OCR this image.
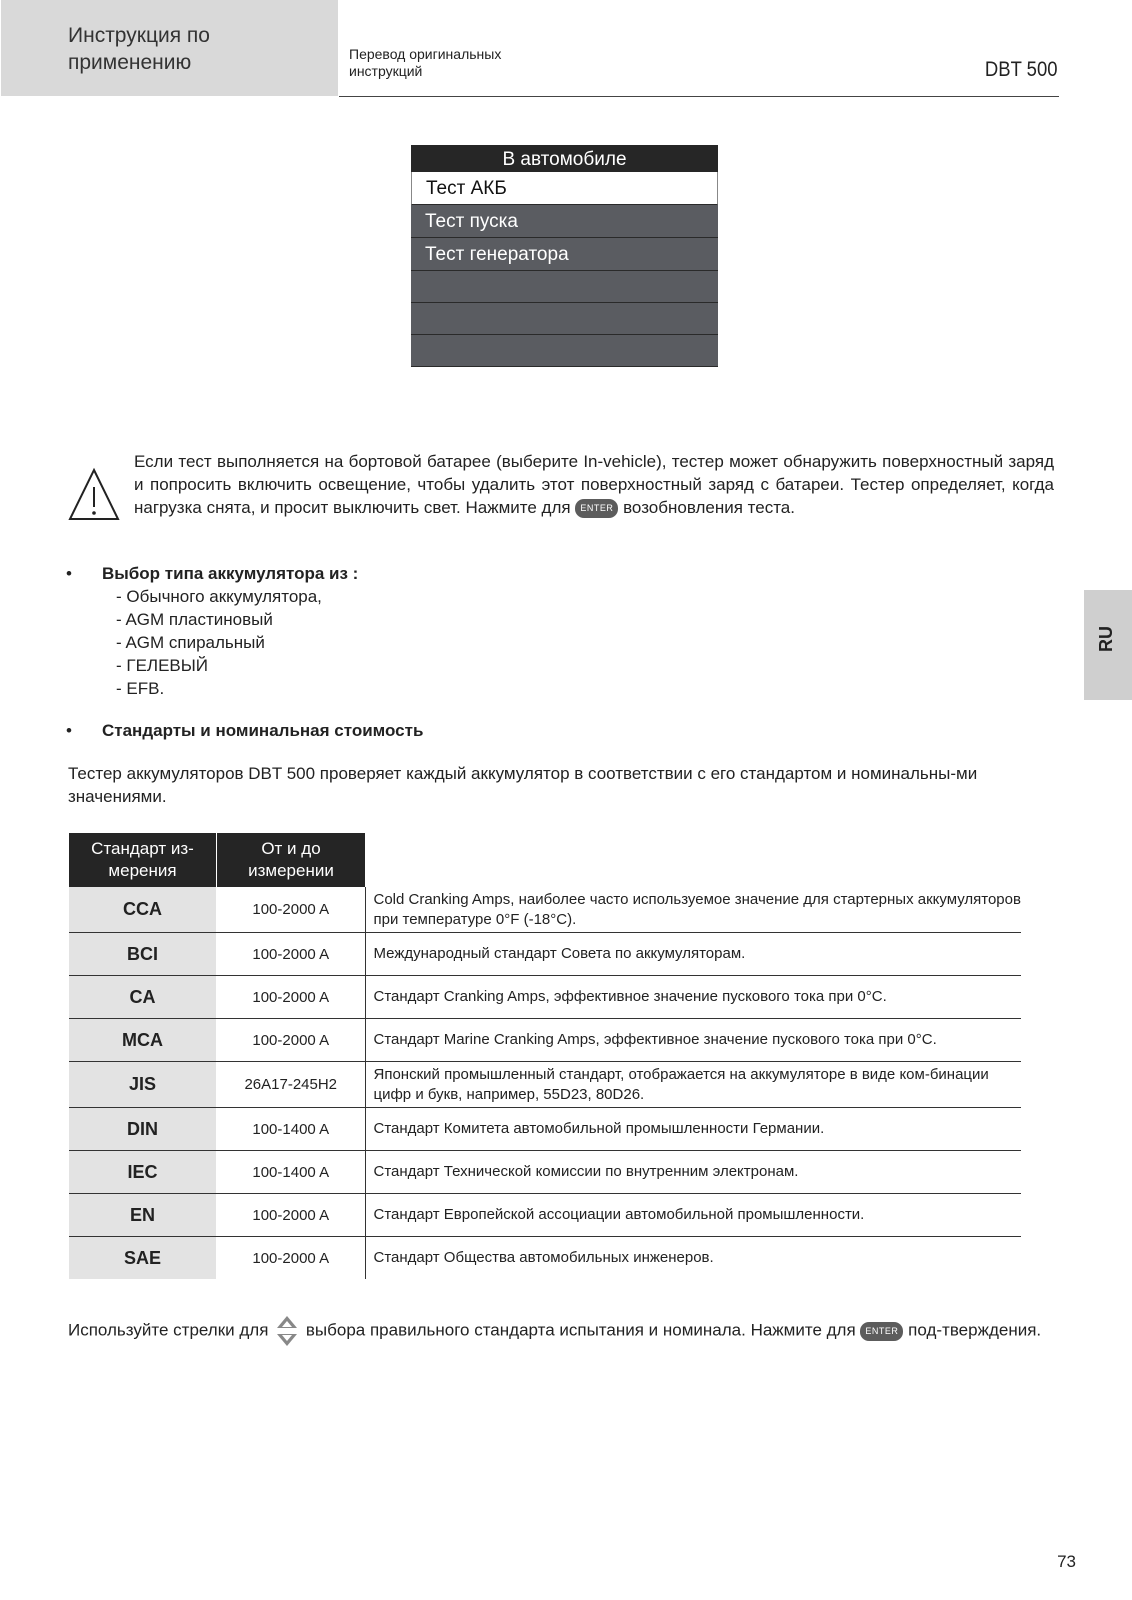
Инструкция по
применению	Перевод оригинальных
инструкций	DBT 500
В автомобиле
Тест АКБ
Тест пуска
Тест генератора
Если тест выполняется на бортовой батарее (выберите In-vehicle), тестер может обнаружить поверхностный заряд и попросить включить освещение, чтобы удалить этот поверхностный заряд с батареи. Тестер определяет, когда нагрузка снята, и просит выключить свет. Нажмите для ENTER возобновления теста.
• Выбор типа аккумулятора из :
- Обычного аккумулятора,
- AGM пластиновый
- AGM спиральный
- ГЕЛЕВЫЙ
- EFB.
• Стандарты и номинальная стоимость
Тестер аккумуляторов DBT 500 проверяет каждый аккумулятор в соответствии с его стандартом и номинальны-ми значениями.
Стандарт из-мерения	От и до измерении	
CCA	100-2000 A	Cold Cranking Amps, наиболее часто используемое значение для стартерных аккумуляторов при температуре 0°F (-18°C).
BCI	100-2000 A	Международный стандарт Совета по аккумуляторам.
CA	100-2000 A	Стандарт Cranking Amps, эффективное значение пускового тока при 0°C.
MCA	100-2000 A	Стандарт Marine Cranking Amps, эффективное значение пускового тока при 0°C.
JIS	26A17-245H2	Японский промышленный стандарт, отображается на аккумуляторе в виде ком-бинации цифр и букв, например, 55D23, 80D26.
DIN	100-1400 A	Стандарт Комитета автомобильной промышленности Германии.
IEC	100-1400 A	Стандарт Технической комиссии по внутренним электронам.
EN	100-2000 A	Стандарт Европейской ассоциации автомобильной промышленности.
SAE	100-2000 A	Стандарт Общества автомобильных инженеров.
Используйте стрелки для выбора правильного стандарта испытания и номинала. Нажмите для ENTER под-тверждения.
RU
73
